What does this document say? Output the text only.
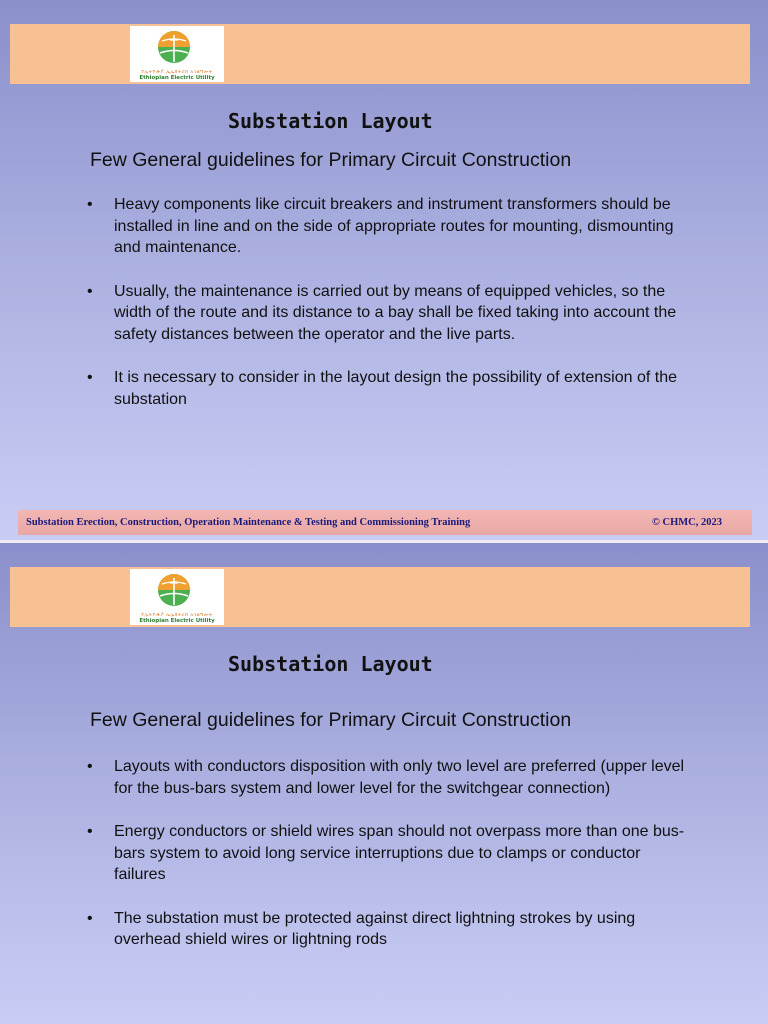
የኢትዮጵያ ኤሌክትሪክ አገልግሎት
Ethiopian Electric Utility
Substation Layout
Few General guidelines for Primary Circuit Construction
• Heavy components like circuit breakers and instrument transformers should be installed in line and on the side of appropriate routes for mounting, dismounting and maintenance.
• Usually, the maintenance is carried out by means of equipped vehicles, so the width of the route and its distance to a bay shall be fixed taking into account the safety distances between the operator and the live parts.
• It is necessary to consider in the layout design the possibility of extension of the substation
Substation Erection, Construction, Operation Maintenance & Testing and Commissioning Training	© CHMC, 2023
የኢትዮጵያ ኤሌክትሪክ አገልግሎት
Ethiopian Electric Utility
Substation Layout
Few General guidelines for Primary Circuit Construction
• Layouts with conductors disposition with only two level are preferred (upper level for the bus-bars system and lower level for the switchgear connection)
• Energy conductors or shield wires span should not overpass more than one bus-bars system to avoid long service interruptions due to clamps or conductor failures
• The substation must be protected against direct lightning strokes by using overhead shield wires or lightning rods
